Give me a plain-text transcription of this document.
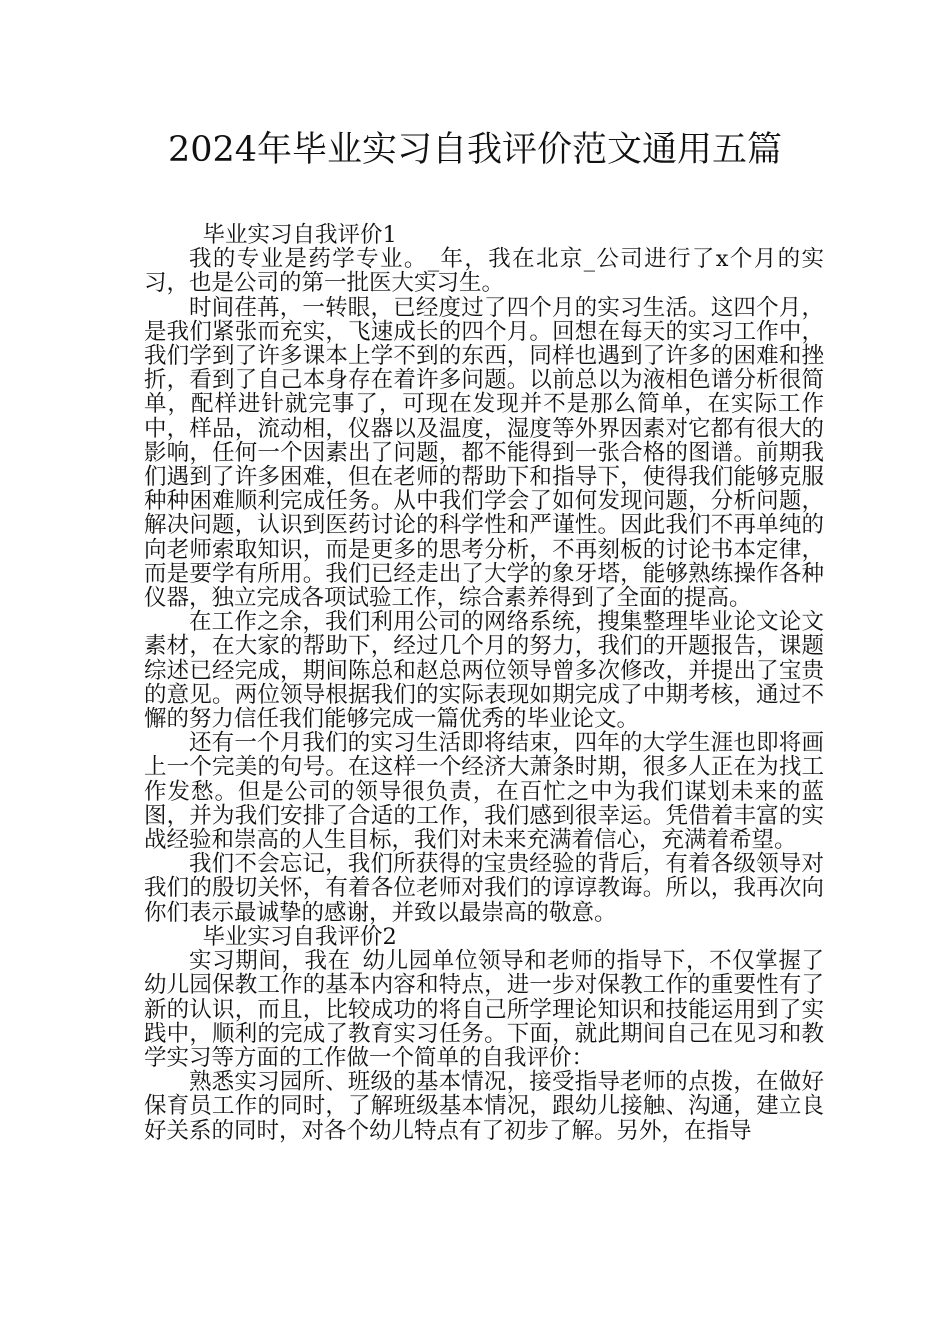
2024年毕业实习自我评价范文通用五篇

毕业实习自我评价1

我的专业是药学专业。_年，我在北京_公司进行了x个月的实习，也是公司的第一批医大实习生。

时间荏苒，一转眼，已经度过了四个月的实习生活。这四个月，是我们紧张而充实，飞速成长的四个月。回想在每天的实习工作中，我们学到了许多课本上学不到的东西，同样也遇到了许多的困难和挫折，看到了自己本身存在着许多问题。以前总以为液相色谱分析很简单，配样进针就完事了，可现在发现并不是那么简单，在实际工作中，样品，流动相，仪器以及温度，湿度等外界因素对它都有很大的影响，任何一个因素出了问题，都不能得到一张合格的图谱。前期我们遇到了许多困难，但在老师的帮助下和指导下，使得我们能够克服种种困难顺利完成任务。从中我们学会了如何发现问题，分析问题，解决问题，认识到医药讨论的科学性和严谨性。因此我们不再单纯的向老师索取知识，而是更多的思考分析，不再刻板的讨论书本定律，而是要学有所用。我们已经走出了大学的象牙塔，能够熟练操作各种仪器，独立完成各项试验工作，综合素养得到了全面的提高。

在工作之余，我们利用公司的网络系统，搜集整理毕业论文论文素材，在大家的帮助下，经过几个月的努力，我们的开题报告，课题综述已经完成，期间陈总和赵总两位领导曾多次修改，并提出了宝贵的意见。两位领导根据我们的实际表现如期完成了中期考核，通过不懈的努力信任我们能够完成一篇优秀的毕业论文。

还有一个月我们的实习生活即将结束，四年的大学生涯也即将画上一个完美的句号。在这样一个经济大萧条时期，很多人正在为找工作发愁。但是公司的领导很负责，在百忙之中为我们谋划未来的蓝图，并为我们安排了合适的工作，我们感到很幸运。凭借着丰富的实战经验和崇高的人生目标，我们对未来充满着信心，充满着希望。

我们不会忘记，我们所获得的宝贵经验的背后，有着各级领导对我们的殷切关怀，有着各位老师对我们的谆谆教诲。所以，我再次向你们表示最诚挚的感谢，并致以最崇高的敬意。

毕业实习自我评价2

实习期间，我在_幼儿园单位领导和老师的指导下，不仅掌握了幼儿园保教工作的基本内容和特点，进一步对保教工作的重要性有了新的认识，而且，比较成功的将自己所学理论知识和技能运用到了实践中，顺利的完成了教育实习任务。下面，就此期间自己在见习和教学实习等方面的工作做一个简单的自我评价：

熟悉实习园所、班级的基本情况，接受指导老师的点拨，在做好保育员工作的同时，了解班级基本情况，跟幼儿接触、沟通，建立良好关系的同时，对各个幼儿特点有了初步了解。另外，在指导
